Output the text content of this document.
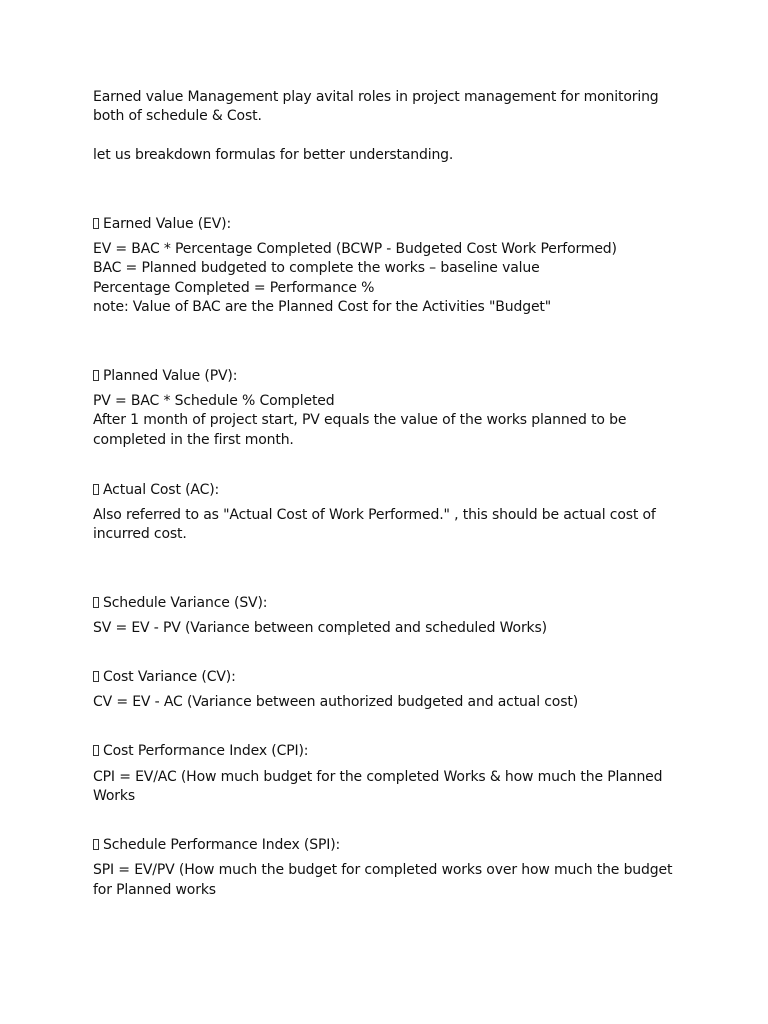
Earned value Management play avital roles in project management for monitoring
both of schedule & Cost.
let us breakdown formulas for better understanding.
Earned Value (EV):
EV = BAC * Percentage Completed (BCWP - Budgeted Cost Work Performed)
BAC = Planned budgeted to complete the works – baseline value
Percentage Completed = Performance %
note: Value of BAC are the Planned Cost for the Activities "Budget"
Planned Value (PV):
PV = BAC * Schedule % Completed
After 1 month of project start, PV equals the value of the works planned to be
completed in the first month.
Actual Cost (AC):
Also referred to as "Actual Cost of Work Performed." , this should be actual cost of
incurred cost.
Schedule Variance (SV):
SV = EV - PV (Variance between completed and scheduled Works)
Cost Variance (CV):
CV = EV - AC (Variance between authorized budgeted and actual cost)
Cost Performance Index (CPI):
CPI = EV/AC (How much budget for the completed Works & how much the Planned
Works
Schedule Performance Index (SPI):
SPI = EV/PV (How much the budget for completed works over how much the budget
for Planned works
